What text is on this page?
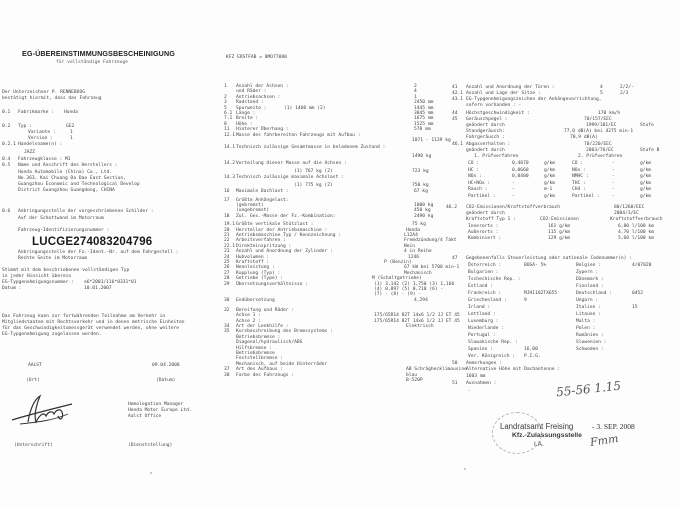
EG-ÜBEREINSTIMMUNGSBESCHEINIGUNG
für vollständige Fahrzeuge
Der Unterzeichner P. RENNEBOOG
bestätigt hiermit, dass das Fahrzeug
0.1 Fabrikmarke : Honda
0.2 Typ :	GE2
Variante :	1
Version :	1
0.2.1 Handelsname(n) :
JAZZ
0.4 Fahrzeugklasse : M1
0.5 Name und Anschrift des Herstellers :
Honda Automobile (China) Co., Ltd.
No.363, Kai Chuang Da Dao East Section,
Guangzhou Economic and Technological Develop
District Guangzhou Guangdong, CHINA
0.6 Anbringungsstelle der vorgeschriebenen Schilder :
Auf der Schottwand im Motorraum
Fahrzeug-Identifizierungsnummer :
LUCGE274083204796
Anbringungsstelle der Fz.-Ident.-Nr. auf dem Fahrgestell :
Rechte Seite im Motorraum
Stimmt mit dem beschriebenen vollständigen Typ
in jeder Hinsicht überein
EG-Typgenehmigungsnummer : e6*2001/116*0331*01
Datum :	10.01.2007
Das Fahrzeug kann zur fortwährenden Teilnahme am Verkehr in
Mitgliedstaaten mit Rechtsverkehr und in denen metrische Einheiten
für das Geschwindigkeitsmessgerät verwendet werden, ohne weitere
EG-Typgenehmigung zugelassen werden.
AALST	09.04.2008
(Ort)	(Datum)
Homologation Manager
Honda Motor Europe Ltd.
Aalst Office
(Unterschrift)	(Dienststellung)
KFZ ERSTFAB = 8MO77080
1 Anzahl der Achsen :	2
und Räder :	4
2 Antriebsachsen :	1
3 Radstand :	2450 mm
5 Spurweite :	(1) 1460 mm (2)	1445 mm
6.1 Länge :	3845 mm
7.1 Breite :	1675 mm
8 Höhe :	1525 mm
11 Hinterer Überhang :	570 mm
12.1 Masse des fahrbereiten Fahrzeugs mit Aufbau :
1071 - 1139 kg
14.1 Technisch zulässige Gesamtmasse in beladenem Zustand :
1490 kg
14.2 Verteilung dieser Masse auf die Achsen :
(1) 767 kg (2)	723 kg
14.3 Technisch zulässige maximale Achslast :
(1) 775 kg (2)	750 kg
16 Maximale Dachlast :	67 kg
17 Größte Anhängelast:
(gebremst)	1000 kg
(ungebremst)	450 kg
18 Zul. Ges.-Masse der Fz.-Kombination:	2490 kg
19.1 Größte vertikale Stützlast :	75 kg
20 Hersteller der Antriebsmaschine :	Honda
21 Antriebsmaschine Typ / Kennzeichnung :	L12A4
22 Arbeitsverfahren :	Fremdzündung/4 Takt
22.1 Direkteinspritzung :	Nein
23 Anzahl und Anordnung der Zylinder :	4 in Reihe
24 Hubvolumen :	1246
25 Kraftstoff :	P (Benzin)
26 Nennleistung :	67 kW bei 5700 min-1
27 Kupplung (Typ) :	Mechanisch
28 Getriebe (Type) :	M (Schaltgetriebe)
29 Übersetzungsverhältnisse :	(1) 3,142 (2) 1,750 (3) 1,166
(4) 0,897 (5) 0,710 (6) -
(7) - (8) - (9) -
30 Endübersetzung	4,294
32 Bereifung und Räder :
Achse 1 :	175/65R14 82T 14x6 1/2 JJ ET 45
Achse 2 :	175/65R14 82T 14x6 1/2 JJ ET 45
34 Art der Lenkhilfe :	Elektrisch
35 Kurzbeschreibung des Bremssystems :
Betriebsbremse :
Diagonal/hydraulisch/ABS
Hilfsbremse :
Betriebsbremse
Feststellbremse :
Mechanisch, auf beide Hinterräder
37 Art des Aufbaus :	AB Schräghecklimousine
38 Farbe des Fahrzeugs :	blau
B-520P
41 Anzahl und Anordnung der Türen :	4	2/2/-
42.1 Anzahl und Lage der Sitze :	5	2/3
43.1 EG-Typgenehmigungszeichen der Anhängevorrichtung,
sofern vorhanden : -
44 Höchstgeschwindigkeit :	170 km/h
45 Geräuschpegel :	70/157/EEC
geändert durch	1999/101/EC	Stufe
Standgeräusch:	77,0 dB(A) bei 4275 min-1
Fahrgeräusch :	70,9 dB(A)
46.1 Abgasverhalten :	70/220/EEC
geändert durch	2003/76/EC	Stufe B
1. Prüfverfahren	2. Prüfverfahren
CO :	0,4870	g/km	CO :	-	g/km
HC :	0,0660	g/km	NOx :	-	g/km
NOx :	0,0400	g/km	NMHC :	-	g/km
HC+NOx :	-	g/km	THC :	-	g/km
Rauch :	-	m-1	CH4 :	-	g/km
Partikel :	-	g/km	Partikel :	-	g/km
46.2 CO2-Emissionen/Kraftstoffverbrauch	80/1268/EEC
geändert durch	2004/3/EC
Kraftstoff Typ 1 :	CO2-Emissionen	Kraftstoffverbrauch
Innerorts :	161 g/km	6,80 l/100 km
Außerorts :	115 g/km	4,70 l/100 km
Kombiniert :	129 g/km	5,60 l/100 km
47 Gegebenenfalls Steuerleistung oder nationale Codenummer(n) :
Österreich :	BOGA- 5%	Belgien :	4/07820
Bulgarien :	Zypern :
Tschechische Rep. :	Dänemark :
Estland :	Finnland :
Frankreich :	MJH1102TX655	Deutschland :	0452
Griechenland :	9	Ungarn :
Irland :	Italien :	15
Lettland :	Litauen :
Luxemburg :	Malta :
Niederlande :	Polen :
Portugal :	Rumänien :
Slowakische Rep. :	Slowenien :
Spanien :	16,00	Schweden :
Ver. Königreich : P.I.G.
50 Anmerkungen :
Alternative Höhe mit Dachantenne :
1603 mm
51 Ausnahmen :
-	55-56 1.15
Landratsamt Freising
Kfz.-Zulassungsstelle
I.A.
- 3. SEP. 2008
Fmm
